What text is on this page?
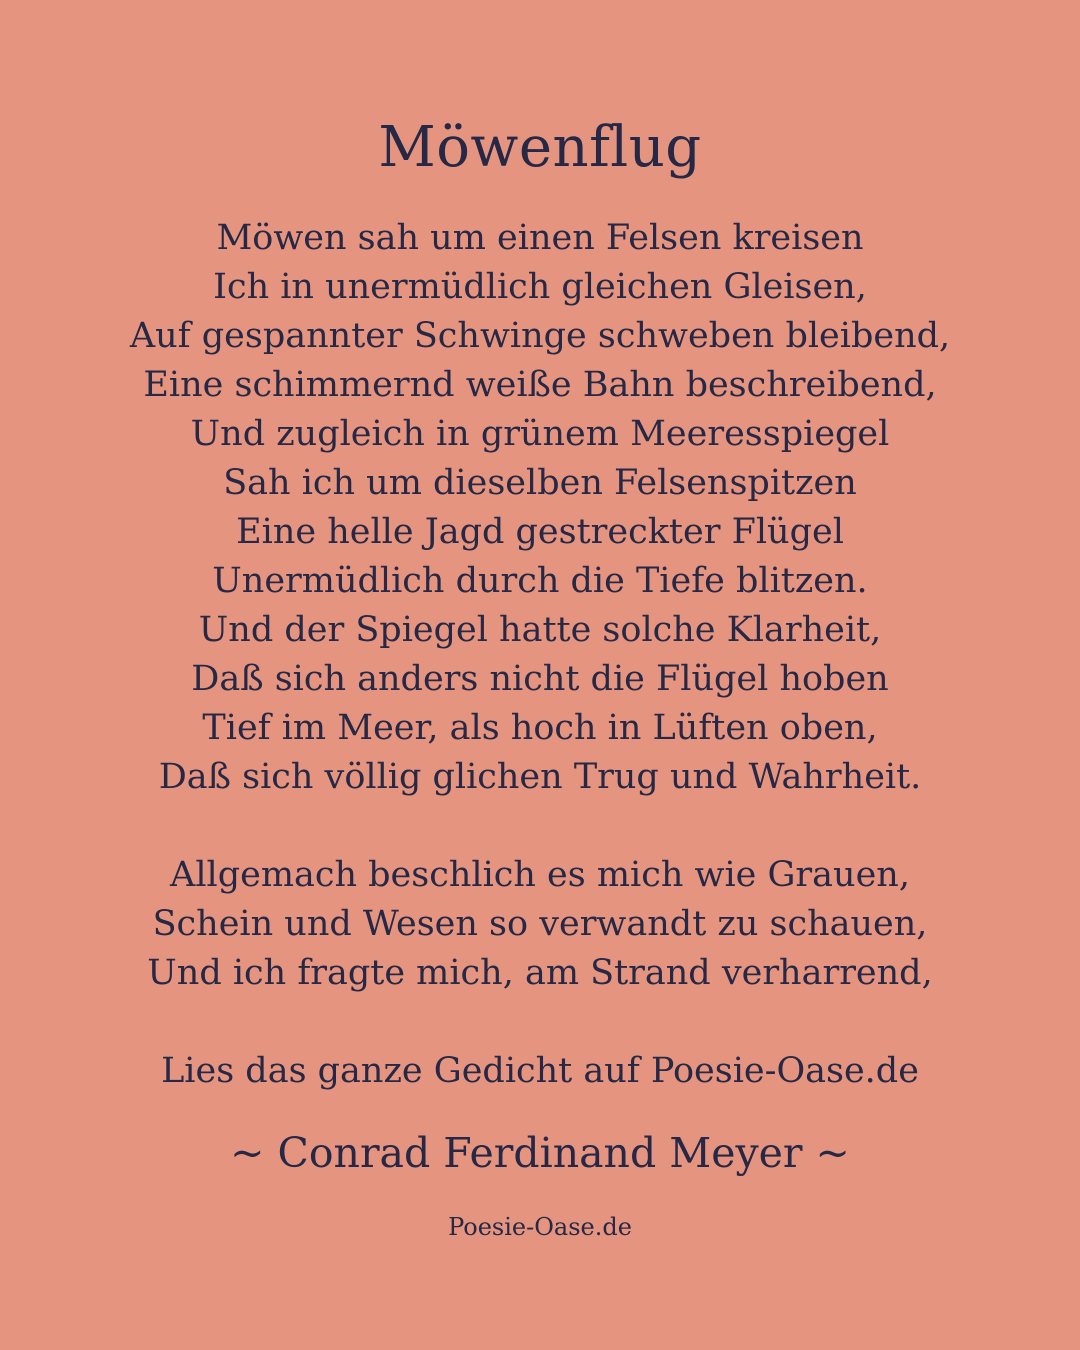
Möwenflug
Möwen sah um einen Felsen kreisen
Ich in unermüdlich gleichen Gleisen,
Auf gespannter Schwinge schweben bleibend,
Eine schimmernd weiße Bahn beschreibend,
Und zugleich in grünem Meeresspiegel
Sah ich um dieselben Felsenspitzen
Eine helle Jagd gestreckter Flügel
Unermüdlich durch die Tiefe blitzen.
Und der Spiegel hatte solche Klarheit,
Daß sich anders nicht die Flügel hoben
Tief im Meer, als hoch in Lüften oben,
Daß sich völlig glichen Trug und Wahrheit.
Allgemach beschlich es mich wie Grauen,
Schein und Wesen so verwandt zu schauen,
Und ich fragte mich, am Strand verharrend,
Lies das ganze Gedicht auf Poesie-Oase.de
~ Conrad Ferdinand Meyer ~
Poesie-Oase.de
